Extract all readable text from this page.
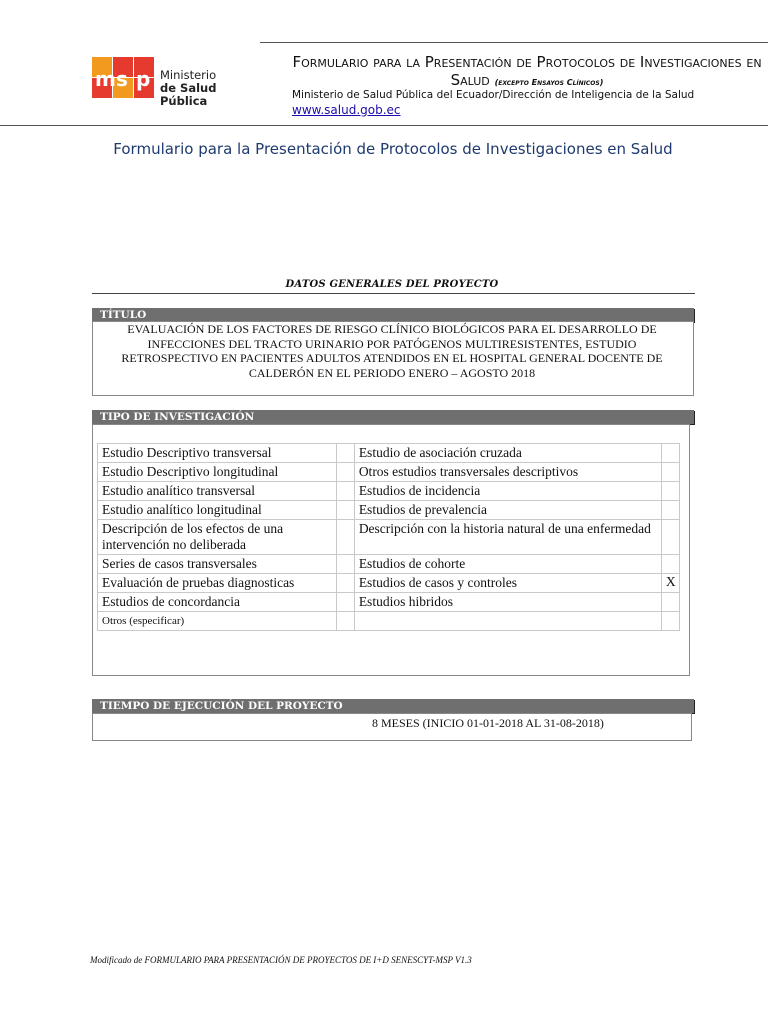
m s p Ministerio
de Salud Pública
Formulario para la Presentación de Protocolos de Investigaciones en Salud (excepto Ensayos Clínicos)
Ministerio de Salud Pública del Ecuador/Dirección de Inteligencia de la Salud
www.salud.gob.ec
Formulario para la Presentación de Protocolos de Investigaciones en Salud
DATOS GENERALES DEL PROYECTO
TÍTULO
EVALUACIÓN DE LOS FACTORES DE RIESGO CLÍNICO BIOLÓGICOS PARA EL DESARROLLO DE INFECCIONES DEL TRACTO URINARIO POR PATÓGENOS MULTIRESISTENTES, ESTUDIO RETROSPECTIVO EN PACIENTES ADULTOS ATENDIDOS EN EL HOSPITAL GENERAL DOCENTE DE CALDERÓN EN EL PERIODO ENERO – AGOSTO 2018
TIPO DE INVESTIGACIÓN
Estudio Descriptivo transversal		Estudio de asociación cruzada	
Estudio Descriptivo longitudinal		Otros estudios transversales descriptivos	
Estudio analítico transversal		Estudios de incidencia	
Estudio analítico longitudinal		Estudios de prevalencia	
Descripción de los efectos de una intervención no deliberada		Descripción con la historia natural de una enfermedad	
Series de casos transversales		Estudios de cohorte	
Evaluación de pruebas diagnosticas		Estudios de casos y controles	X
Estudios de concordancia		Estudios hibridos	
Otros (especificar)			
TIEMPO DE EJECUCIÓN DEL PROYECTO
8 MESES (INICIO 01-01-2018 AL 31-08-2018)
Modificado de FORMULARIO PARA PRESENTACIÓN DE PROYECTOS DE I+D SENESCYT-MSP V1.3
